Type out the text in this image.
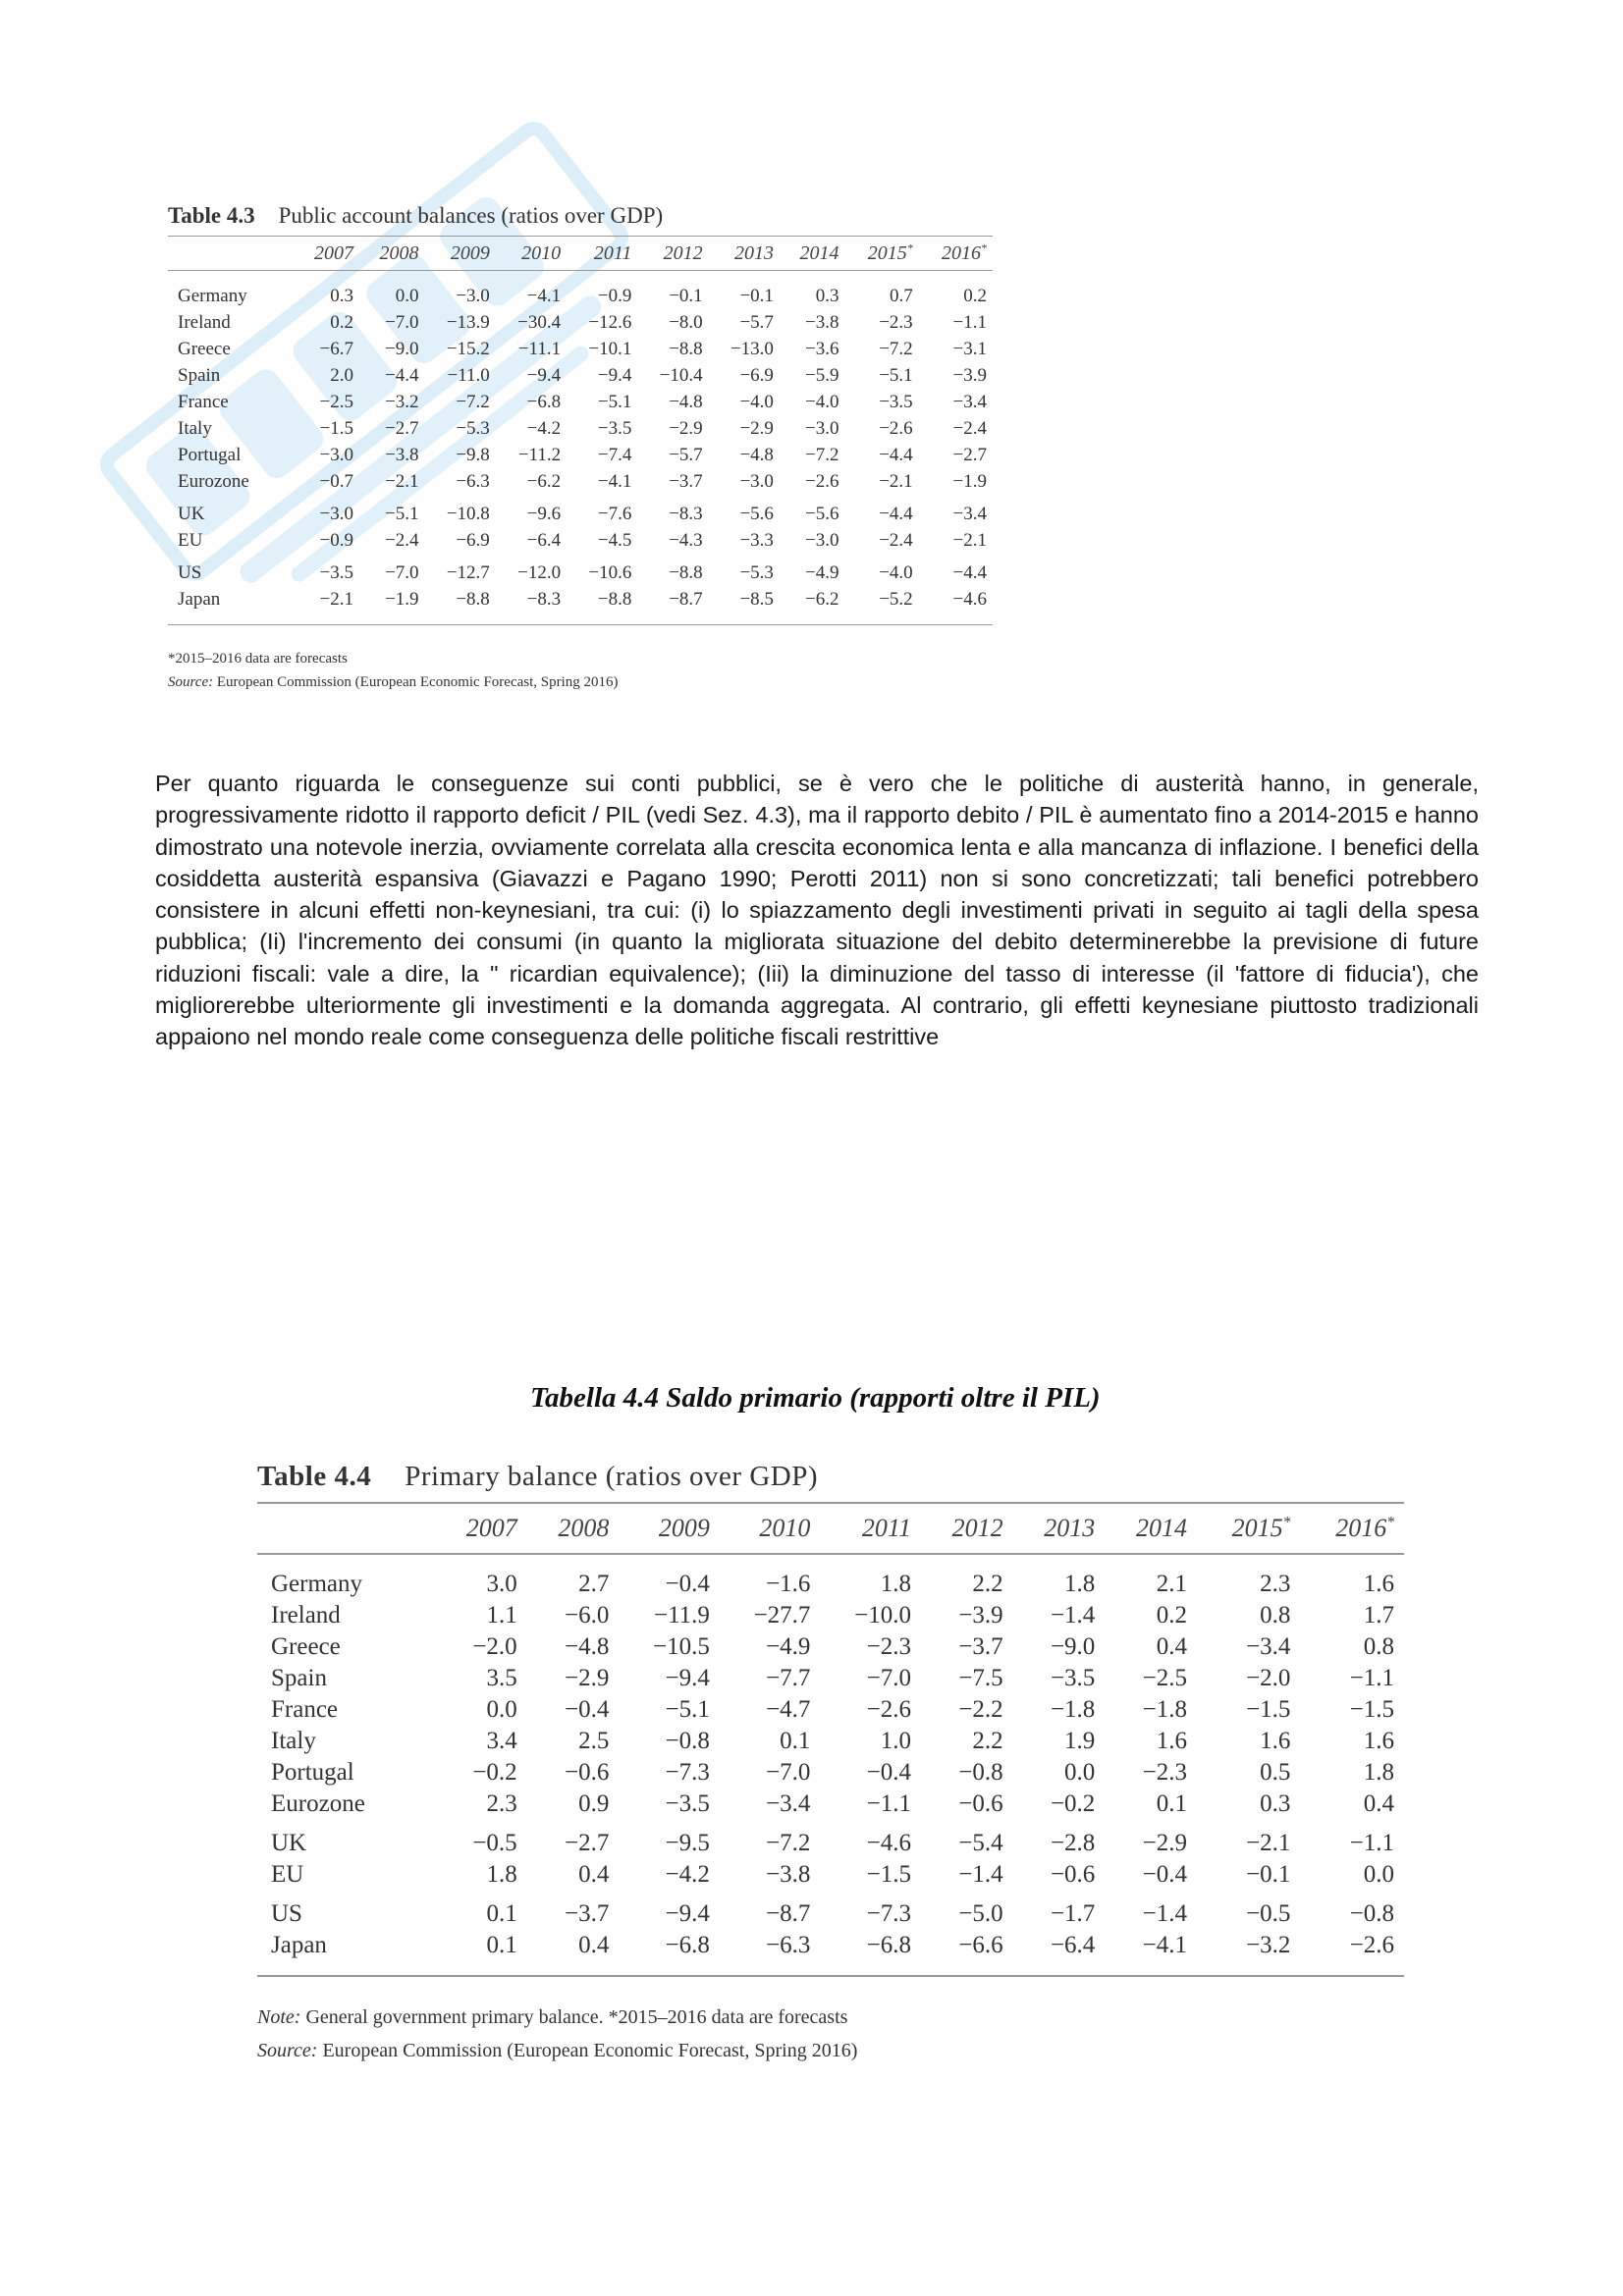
Table 4.3 Public account balances (ratios over GDP)
	2007	2008	2009	2010	2011	2012	2013	2014	2015*	2016*

Germany	0.3	0.0	−3.0	−4.1	−0.9	−0.1	−0.1	0.3	0.7	0.2
Ireland	0.2	−7.0	−13.9	−30.4	−12.6	−8.0	−5.7	−3.8	−2.3	−1.1
Greece	−6.7	−9.0	−15.2	−11.1	−10.1	−8.8	−13.0	−3.6	−7.2	−3.1
Spain	2.0	−4.4	−11.0	−9.4	−9.4	−10.4	−6.9	−5.9	−5.1	−3.9
France	−2.5	−3.2	−7.2	−6.8	−5.1	−4.8	−4.0	−4.0	−3.5	−3.4
Italy	−1.5	−2.7	−5.3	−4.2	−3.5	−2.9	−2.9	−3.0	−2.6	−2.4
Portugal	−3.0	−3.8	−9.8	−11.2	−7.4	−5.7	−4.8	−7.2	−4.4	−2.7
Eurozone	−0.7	−2.1	−6.3	−6.2	−4.1	−3.7	−3.0	−2.6	−2.1	−1.9

UK	−3.0	−5.1	−10.8	−9.6	−7.6	−8.3	−5.6	−5.6	−4.4	−3.4
EU	−0.9	−2.4	−6.9	−6.4	−4.5	−4.3	−3.3	−3.0	−2.4	−2.1

US	−3.5	−7.0	−12.7	−12.0	−10.6	−8.8	−5.3	−4.9	−4.0	−4.4
Japan	−2.1	−1.9	−8.8	−8.3	−8.8	−8.7	−8.5	−6.2	−5.2	−4.6

*2015–2016 data are forecasts
Source: European Commission (European Economic Forecast, Spring 2016)
Per quanto riguarda le conseguenze sui conti pubblici, se è vero che le politiche di austerità hanno, in generale, progressivamente ridotto il rapporto deficit / PIL (vedi Sez. 4.3), ma il rapporto debito / PIL è aumentato fino a 2014-2015 e hanno dimostrato una notevole inerzia, ovviamente correlata alla crescita economica lenta e alla mancanza di inflazione. I benefici della cosiddetta austerità espansiva (Giavazzi e Pagano 1990; Perotti 2011) non si sono concretizzati; tali benefici potrebbero consistere in alcuni effetti non-keynesiani, tra cui: (i) lo spiazzamento degli investimenti privati in seguito ai tagli della spesa pubblica; (Ii) l'incremento dei consumi (in quanto la migliorata situazione del debito determinerebbe la previsione di future riduzioni fiscali: vale a dire, la " ricardian equivalence); (Iii) la diminuzione del tasso di interesse (il 'fattore di fiducia'), che migliorerebbe ulteriormente gli investimenti e la domanda aggregata. Al contrario, gli effetti keynesiane piuttosto tradizionali appaiono nel mondo reale come conseguenza delle politiche fiscali restrittive
Tabella 4.4 Saldo primario (rapporti oltre il PIL)
Table 4.4 Primary balance (ratios over GDP)
	2007	2008	2009	2010	2011	2012	2013	2014	2015*	2016*

Germany	3.0	2.7	−0.4	−1.6	1.8	2.2	1.8	2.1	2.3	1.6
Ireland	1.1	−6.0	−11.9	−27.7	−10.0	−3.9	−1.4	0.2	0.8	1.7
Greece	−2.0	−4.8	−10.5	−4.9	−2.3	−3.7	−9.0	0.4	−3.4	0.8
Spain	3.5	−2.9	−9.4	−7.7	−7.0	−7.5	−3.5	−2.5	−2.0	−1.1
France	0.0	−0.4	−5.1	−4.7	−2.6	−2.2	−1.8	−1.8	−1.5	−1.5
Italy	3.4	2.5	−0.8	0.1	1.0	2.2	1.9	1.6	1.6	1.6
Portugal	−0.2	−0.6	−7.3	−7.0	−0.4	−0.8	0.0	−2.3	0.5	1.8
Eurozone	2.3	0.9	−3.5	−3.4	−1.1	−0.6	−0.2	0.1	0.3	0.4

UK	−0.5	−2.7	−9.5	−7.2	−4.6	−5.4	−2.8	−2.9	−2.1	−1.1
EU	1.8	0.4	−4.2	−3.8	−1.5	−1.4	−0.6	−0.4	−0.1	0.0

US	0.1	−3.7	−9.4	−8.7	−7.3	−5.0	−1.7	−1.4	−0.5	−0.8
Japan	0.1	0.4	−6.8	−6.3	−6.8	−6.6	−6.4	−4.1	−3.2	−2.6

Note: General government primary balance. *2015–2016 data are forecasts
Source: European Commission (European Economic Forecast, Spring 2016)
